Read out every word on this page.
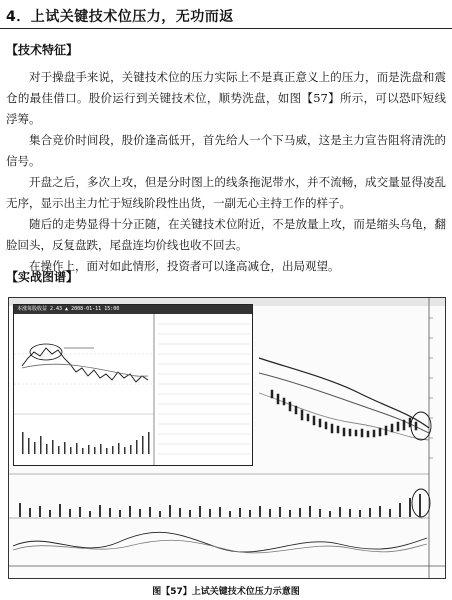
4．上试关键技术位压力，无功而返
【技术特征】

对于操盘手来说，关键技术位的压力实际上不是真正意义上的压力，而是洗盘和震仓的最佳借口。股价运行到关键技术位，顺势洗盘，如图【57】所示，可以恐吓短线浮筹。

集合竞价时间段，股价逢高低开，首先给人一个下马威，这是主力宣告阻将清洗的信号。

开盘之后，多次上攻，但是分时图上的线条拖泥带水，并不流畅，成交量显得凌乱无序，显示出主力忙于短线阶段性出货，一副无心主持工作的样子。

随后的走势显得十分正随，在关键技术位附近，不是放量上攻，而是缩头乌龟，翻脸回头，反复盘跌，尾盘连均价线也收不回去。

在操作上，面对如此情形，投资者可以逢高减仓，出局观望。

【实战图谱】
本涨每股收益 2.43 ▲ 2008-01-11 15:00
图【57】上试关键技术位压力示意图
